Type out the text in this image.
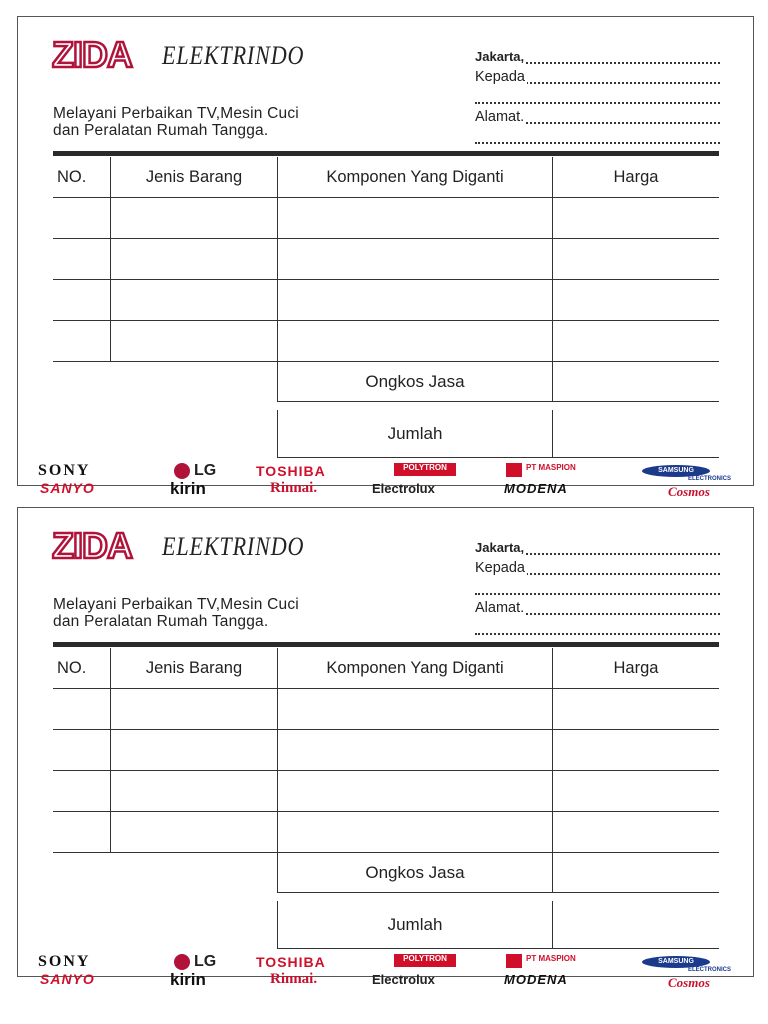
ZIDA ELEKTRINDO
Melayani Perbaikan TV,Mesin Cuci
dan Peralatan Rumah Tangga.
Jakarta,
Kepada
Alamat.
NO.	Jenis Barang	Komponen Yang Diganti	Harga
Ongkos Jasa
Jumlah
SONY
SANYO
LG
kirin
TOSHIBA
Rinnai.
POLYTRON
Electrolux
PT MASPION
MODENA
SAMSUNG
ELECTRONICS
Cosmos
ZIDA ELEKTRINDO
Melayani Perbaikan TV,Mesin Cuci
dan Peralatan Rumah Tangga.
Jakarta,
Kepada
Alamat.
NO.	Jenis Barang	Komponen Yang Diganti	Harga
Ongkos Jasa
Jumlah
SONY
SANYO
LG
kirin
TOSHIBA
Rinnai.
POLYTRON
Electrolux
PT MASPION
MODENA
SAMSUNG
ELECTRONICS
Cosmos
